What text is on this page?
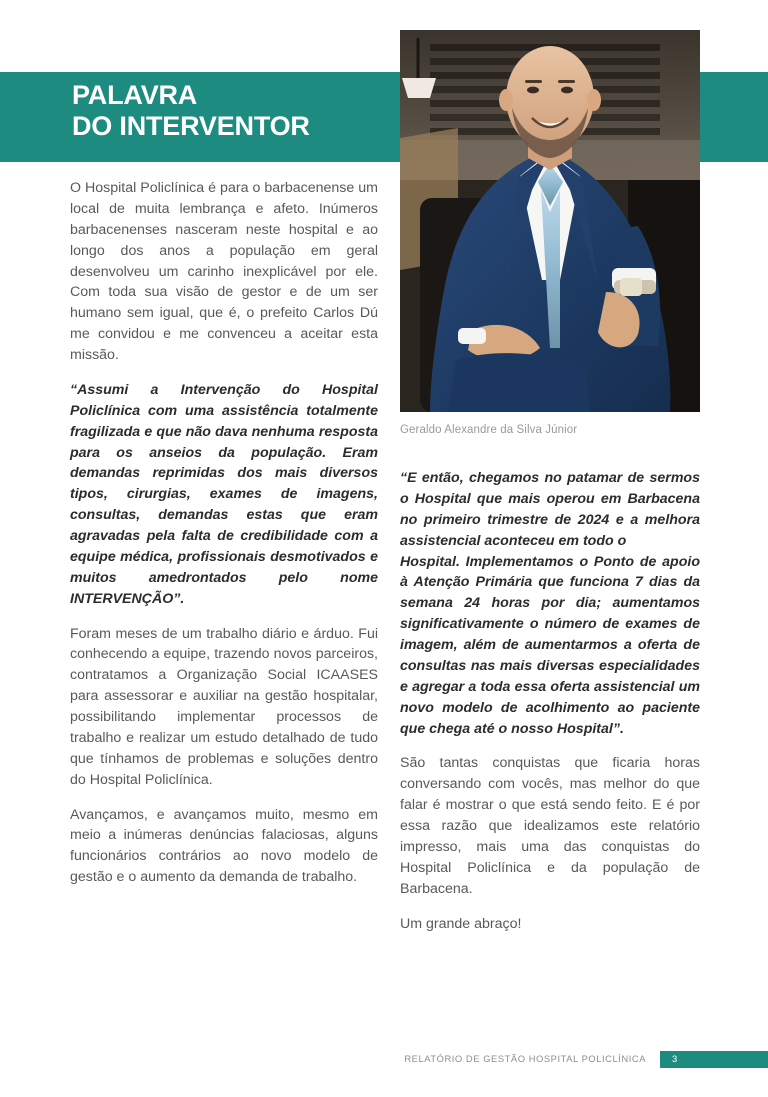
PALAVRA
DO INTERVENTOR
Geraldo Alexandre da Silva Júnior

O Hospital Policlínica é para o barbacenense um local de muita lembrança e afeto. Inúmeros barbacenenses nasceram neste hospital e ao longo dos anos a população em geral desenvolveu um carinho inexplicável por ele. Com toda sua visão de gestor e de um ser humano sem igual, que é, o prefeito Carlos Dú me convidou e me convenceu a aceitar esta missão.

“Assumi a Intervenção do Hospital Policlínica com uma assistência totalmente fragilizada e que não dava nenhuma resposta para os anseios da população. Eram demandas reprimidas dos mais diversos tipos, cirurgias, exames de imagens, consultas, demandas estas que eram agravadas pela falta de credibilidade com a equipe médica, profissionais desmotivados e muitos amedrontados pelo nome INTERVENÇÃO”.

Foram meses de um trabalho diário e árduo. Fui conhecendo a equipe, trazendo novos parceiros, contratamos a Organização Social ICAASES para assessorar e auxiliar na gestão hospitalar, possibilitando implementar processos de trabalho e realizar um estudo detalhado de tudo que tínhamos de problemas e soluções dentro do Hospital Policlínica.

Avançamos, e avançamos muito, mesmo em meio a inúmeras denúncias falaciosas, alguns funcionários contrários ao novo modelo de gestão e o aumento da demanda de trabalho.

“E então, chegamos no patamar de sermos o Hospital que mais operou em Barbacena no primeiro trimestre de 2024 e a melhora assistencial aconteceu em todo o

Hospital. Implementamos o Ponto de apoio à Atenção Primária que funciona 7 dias da semana 24 horas por dia; aumentamos significativamente o número de exames de imagem, além de aumentarmos a oferta de consultas nas mais diversas especialidades e agregar a toda essa oferta assistencial um novo modelo de acolhimento ao paciente que chega até o nosso Hospital”.

São tantas conquistas que ficaria horas conversando com vocês, mas melhor do que falar é mostrar o que está sendo feito. E é por essa razão que idealizamos este relatório impresso, mais uma das conquistas do Hospital Policlínica e da população de Barbacena.

Um grande abraço!

RELATÓRIO DE GESTÃO HOSPITAL POLICLÍNICA	3
